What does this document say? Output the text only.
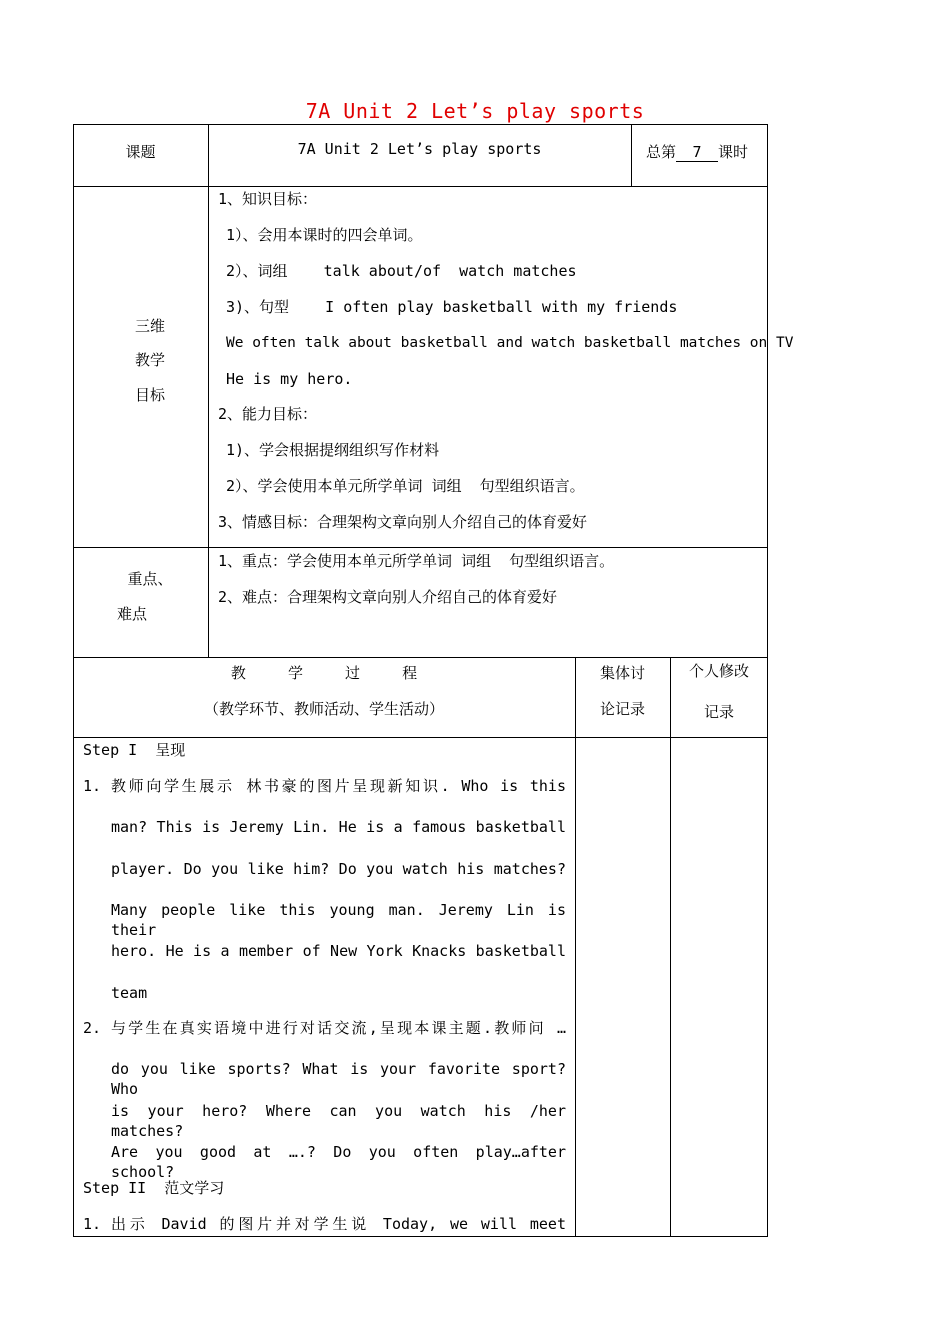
7A Unit 2 Let’s play sports
课题	7A Unit 2 Let’s play sports	总第 7 课时
三维
教学
目标
1、知识目标：
1）、会用本课时的四会单词。
2）、词组    talk about/of  watch matches
3)、句型    I often play basketball with my friends
We often talk about basketball and watch basketball matches on TV
He is my hero.
2、能力目标：
1)、学会根据提纲组织写作材料
2）、学会使用本单元所学单词 词组  句型组织语言。
3、情感目标：合理架构文章向别人介绍自己的体育爱好
重点、
难点
1、重点：学会使用本单元所学单词 词组  句型组织语言。
2、难点：合理架构文章向别人介绍自己的体育爱好
教  学  过  程
（教学环节、教师活动、学生活动）
集体讨
论记录
个人修改
记录
Step I  呈现
1. 教师向学生展示 林书豪的图片呈现新知识. Who is this
man? This is Jeremy Lin. He is a famous basketball
player. Do you like him? Do you watch his matches?
Many people like this young man. Jeremy Lin is their
hero. He is a member of New York Knacks basketball
team
2. 与学生在真实语境中进行对话交流,呈现本课主题.教师问 …
do you like sports? What is your favorite sport? Who
is your hero? Where can you watch his /her matches?
Are you good at ….? Do you often play…after school?
Step II  范文学习
1. 出示 David 的图片并对学生说 Today, we will meet
